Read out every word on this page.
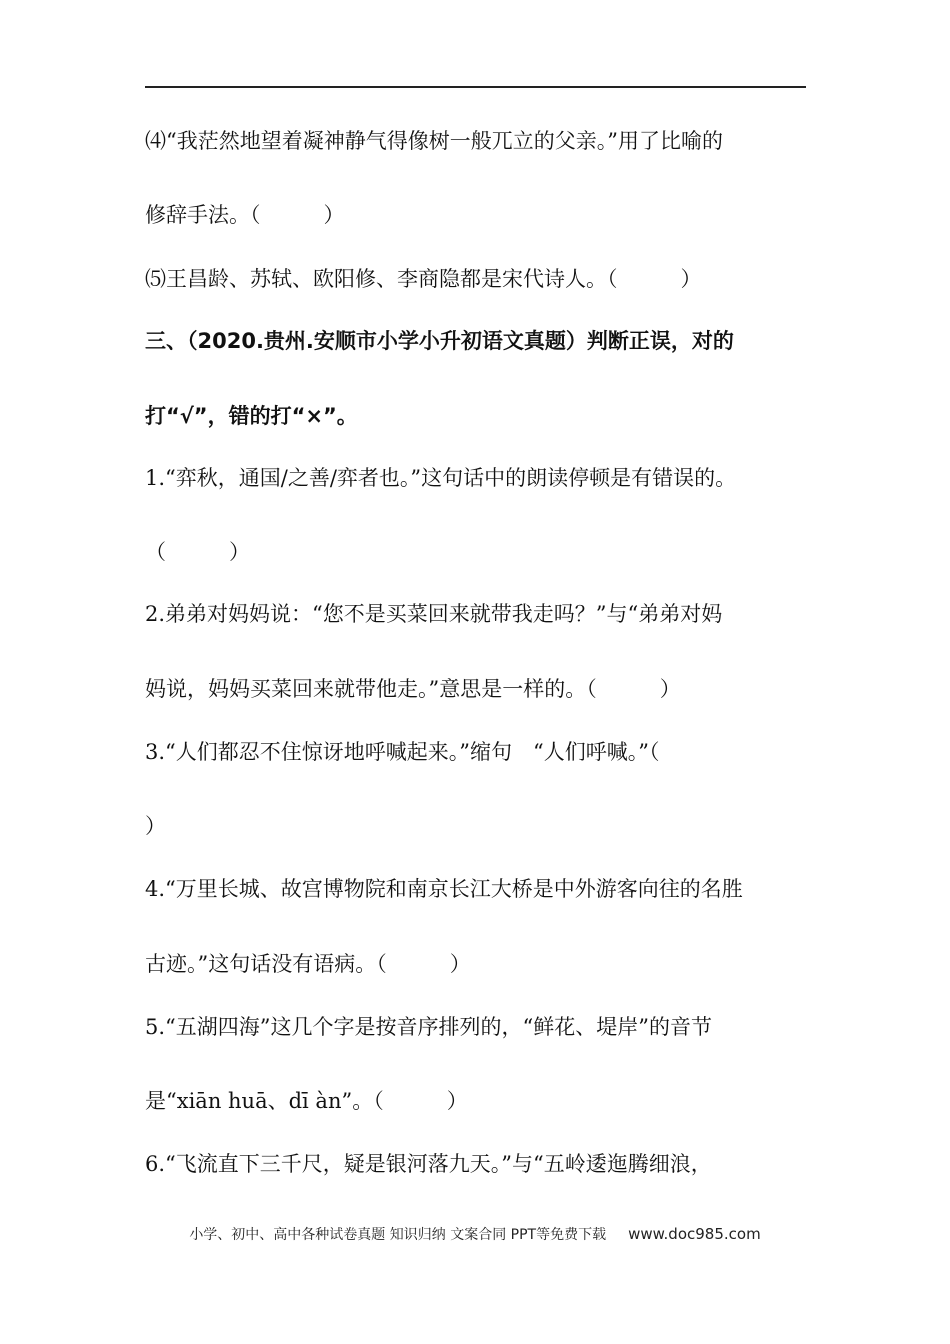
⑷“我茫然地望着凝神静气得像树一般兀立的父亲。”用了比喻的
修辞手法。（　　　）
⑸王昌龄、苏轼、欧阳修、李商隐都是宋代诗人。（　　　）
三、（2020.贵州.安顺市小学小升初语文真题）判断正误，对的
打“√”，错的打“×”。
1.“弈秋，通国/之善/弈者也。”这句话中的朗读停顿是有错误的。
（　　　）
2.弟弟对妈妈说：“您不是买菜回来就带我走吗？”与“弟弟对妈
妈说，妈妈买菜回来就带他走。”意思是一样的。（　　　）
3.“人们都忍不住惊讶地呼喊起来。”缩句　“人们呼喊。”（
）
4.“万里长城、故宫博物院和南京长江大桥是中外游客向往的名胜
古迹。”这句话没有语病。（　　　）
5.“五湖四海”这几个字是按音序排列的，“鲜花、堤岸”的音节
是“xiān huā、dī àn”。（　　　）
6.“飞流直下三千尺，疑是银河落九天。”与“五岭逶迤腾细浪，
小学、初中、高中各种试卷真题 知识归纳 文案合同 PPT等免费下载 www.doc985.com
